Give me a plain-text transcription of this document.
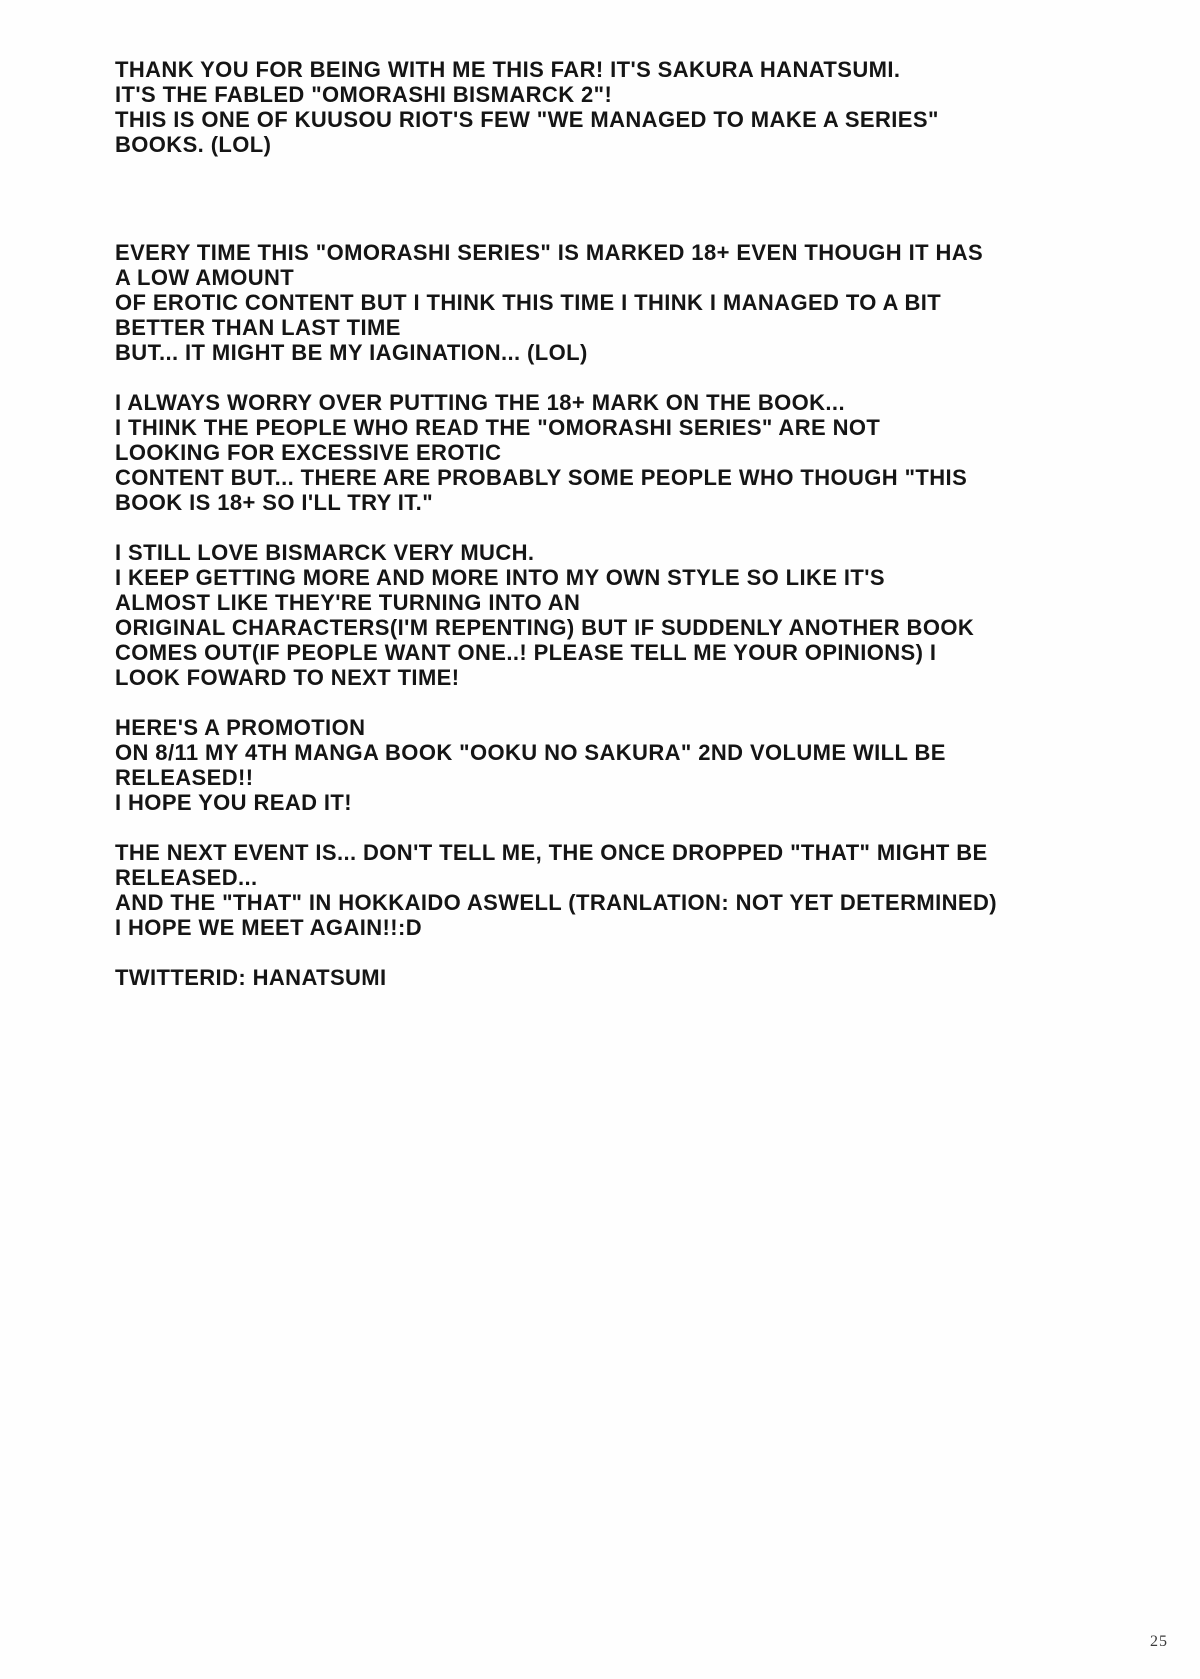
THANK YOU FOR BEING WITH ME THIS FAR! IT'S SAKURA HANATSUMI.
IT'S THE FABLED "OMORASHI BISMARCK 2"!
THIS IS ONE OF KUUSOU RIOT'S FEW "WE MANAGED TO MAKE A SERIES"
BOOKS. (LOL)
EVERY TIME THIS "OMORASHI SERIES" IS MARKED 18+ EVEN THOUGH IT HAS
A LOW AMOUNT
OF EROTIC CONTENT BUT I THINK THIS TIME I THINK I MANAGED TO A BIT
BETTER THAN LAST TIME
BUT... IT MIGHT BE MY IAGINATION... (LOL)
I ALWAYS WORRY OVER PUTTING THE 18+ MARK ON THE BOOK...
I THINK THE PEOPLE WHO READ THE "OMORASHI SERIES" ARE NOT
LOOKING FOR EXCESSIVE EROTIC
CONTENT BUT... THERE ARE PROBABLY SOME PEOPLE WHO THOUGH "THIS
BOOK IS 18+ SO I'LL TRY IT."
I STILL LOVE BISMARCK VERY MUCH.
I KEEP GETTING MORE AND MORE INTO MY OWN STYLE SO LIKE IT'S
ALMOST LIKE THEY'RE TURNING INTO AN
ORIGINAL CHARACTERS(I'M REPENTING) BUT IF SUDDENLY ANOTHER BOOK
COMES OUT(IF PEOPLE WANT ONE..! PLEASE TELL ME YOUR OPINIONS) I
LOOK FOWARD TO NEXT TIME!
HERE'S A PROMOTION
ON 8/11 MY 4TH MANGA BOOK "OOKU NO SAKURA" 2ND VOLUME WILL BE
RELEASED!!
I HOPE YOU READ IT!
THE NEXT EVENT IS... DON'T TELL ME, THE ONCE DROPPED "THAT" MIGHT BE
RELEASED...
AND THE "THAT" IN HOKKAIDO ASWELL (TRANLATION: NOT YET DETERMINED)
I HOPE WE MEET AGAIN!!:D
TWITTERID: HANATSUMI
25
